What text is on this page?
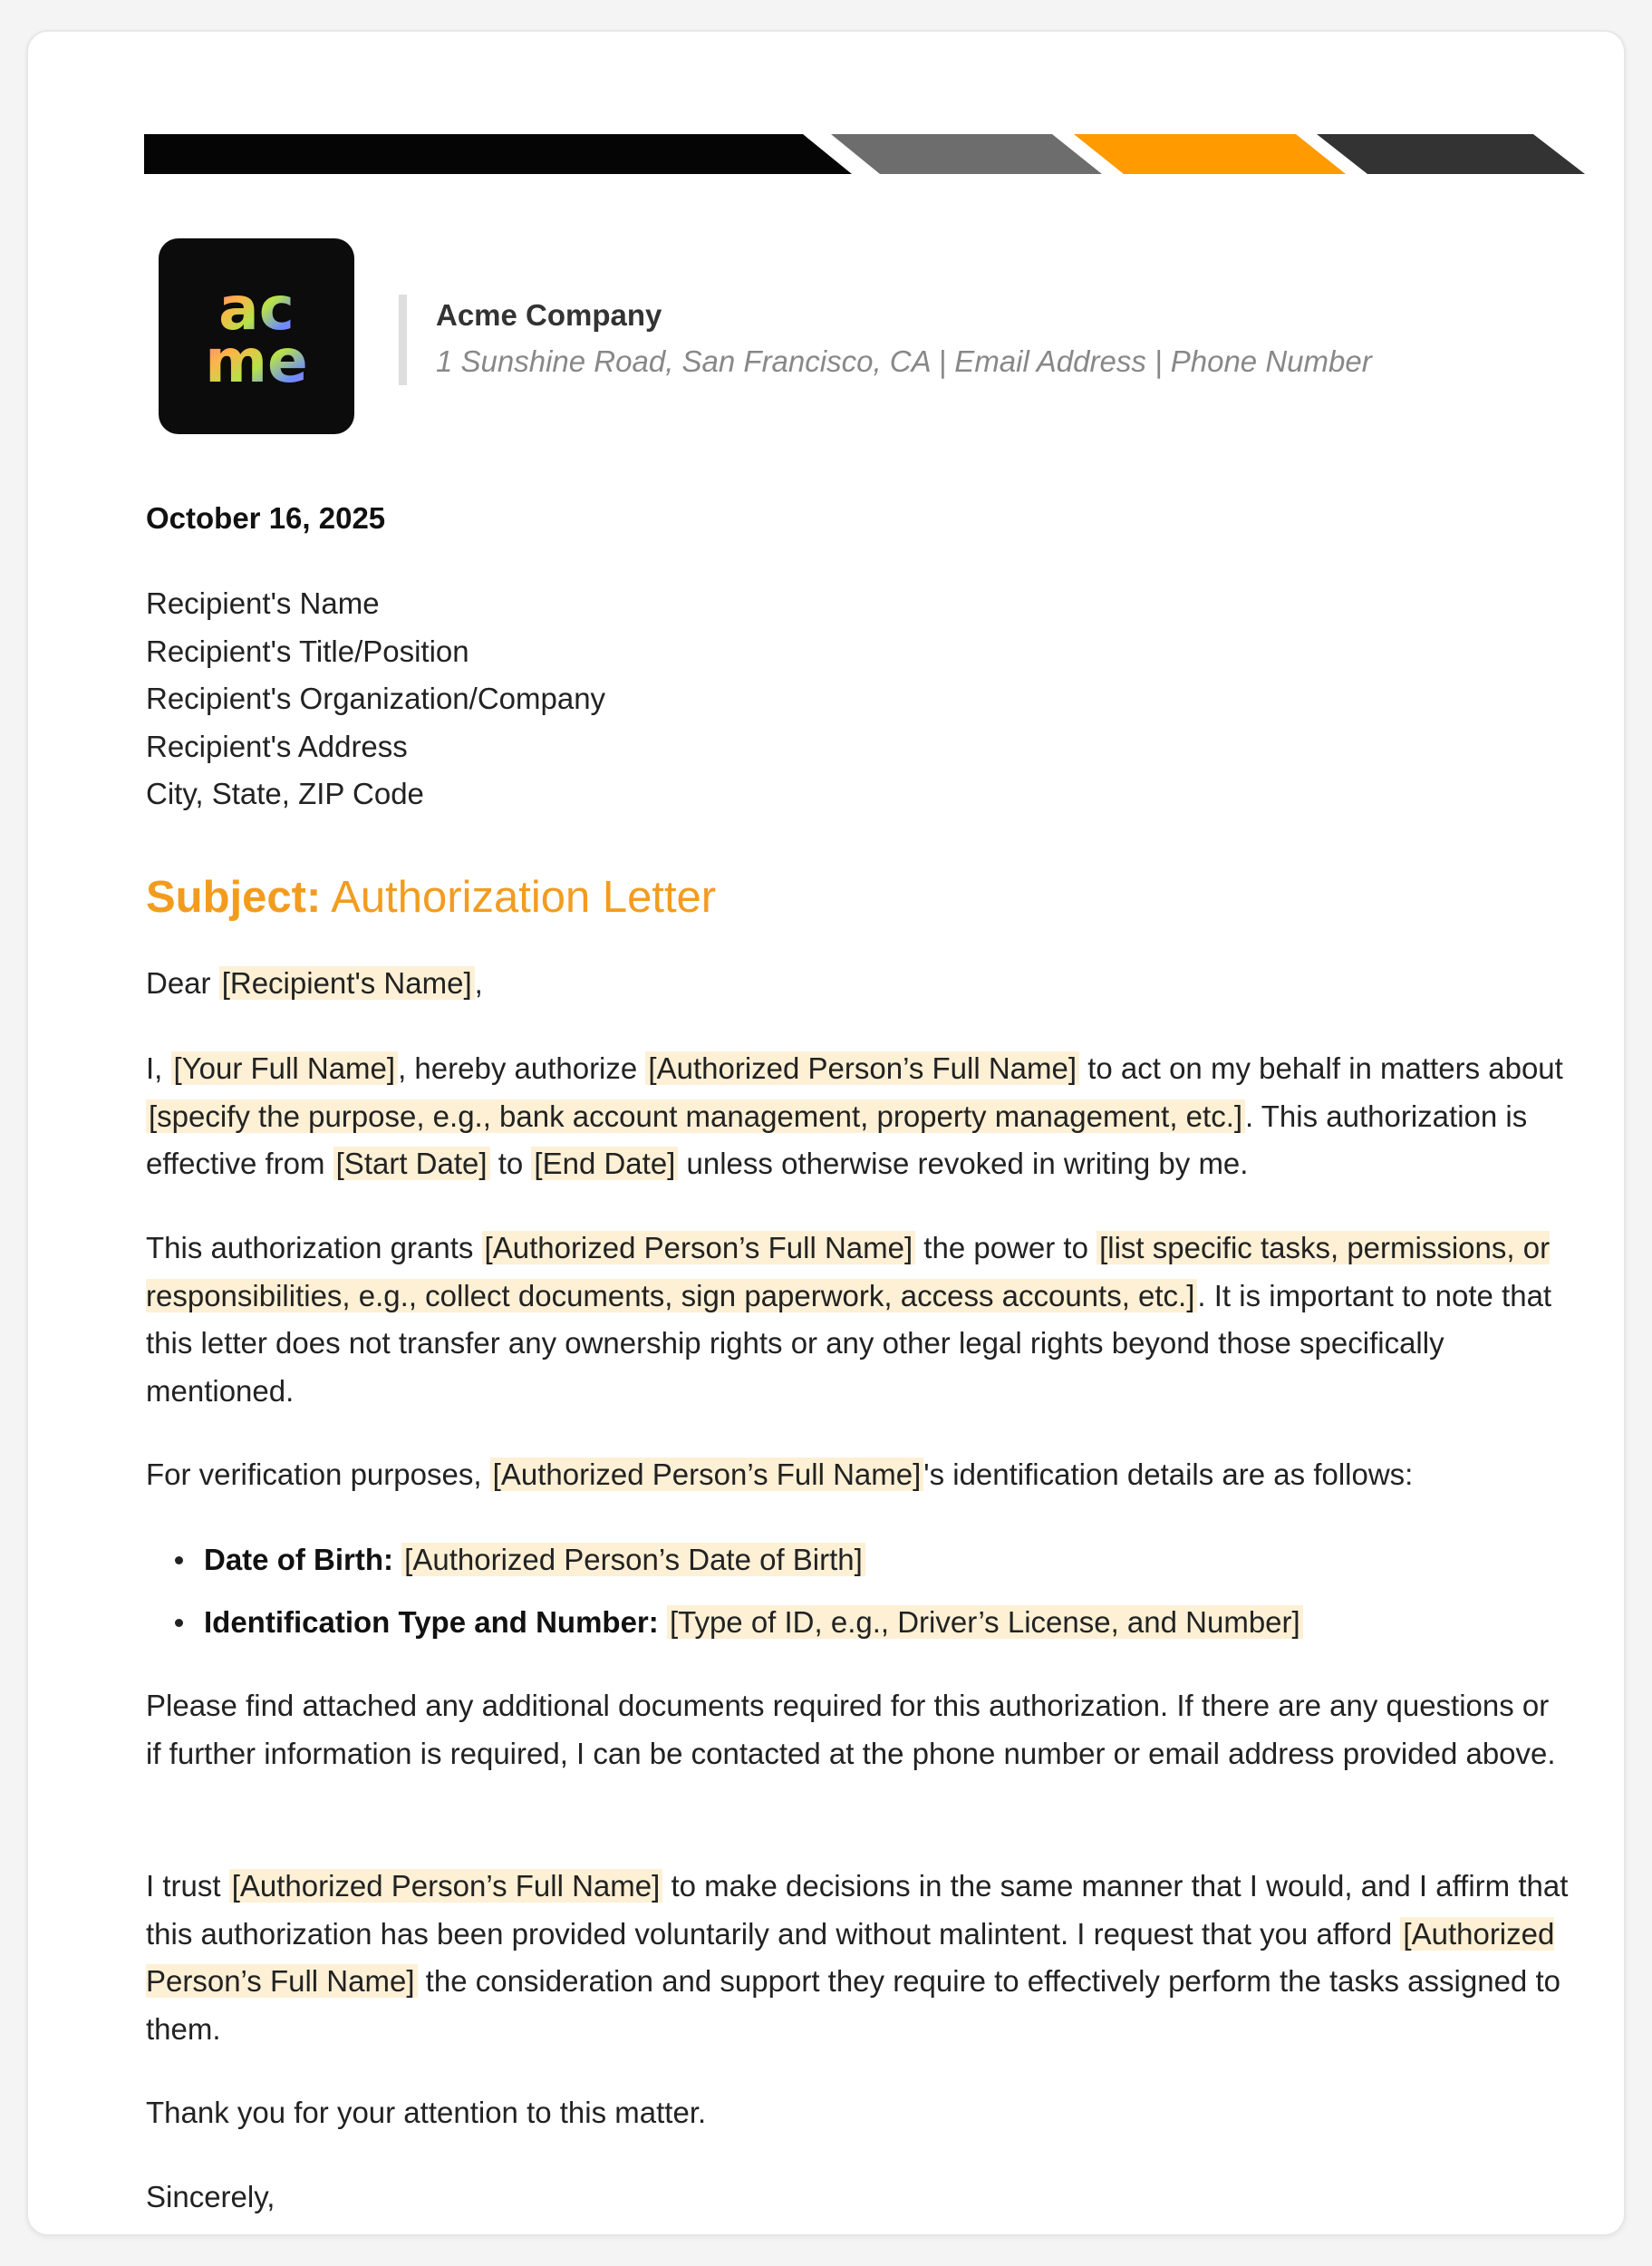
ac
me
Acme Company
1 Sunshine Road, San Francisco, CA | Email Address | Phone Number
October 16, 2025
Recipient's Name
Recipient's Title/Position
Recipient's Organization/Company
Recipient's Address
City, State, ZIP Code
Subject: Authorization Letter

Dear [Recipient's Name],

I, [Your Full Name], hereby authorize [Authorized Person’s Full Name] to act on my behalf in matters about [specify the purpose, e.g., bank account management, property management, etc.]. This authorization is effective from [Start Date] to [End Date] unless otherwise revoked in writing by me.

This authorization grants [Authorized Person’s Full Name] the power to [list specific tasks, permissions, or responsibilities, e.g., collect documents, sign paperwork, access accounts, etc.]. It is important to note that this letter does not transfer any ownership rights or any other legal rights beyond those specifically mentioned.

For verification purposes, [Authorized Person’s Full Name]'s identification details are as follows:

Date of Birth: [Authorized Person’s Date of Birth]
Identification Type and Number: [Type of ID, e.g., Driver’s License, and Number]

Please find attached any additional documents required for this authorization. If there are any questions or if further information is required, I can be contacted at the phone number or email address provided above.

I trust [Authorized Person’s Full Name] to make decisions in the same manner that I would, and I affirm that this authorization has been provided voluntarily and without malintent. I request that you afford [Authorized Person’s Full Name] the consideration and support they require to effectively perform the tasks assigned to them.

Thank you for your attention to this matter.

Sincerely,
